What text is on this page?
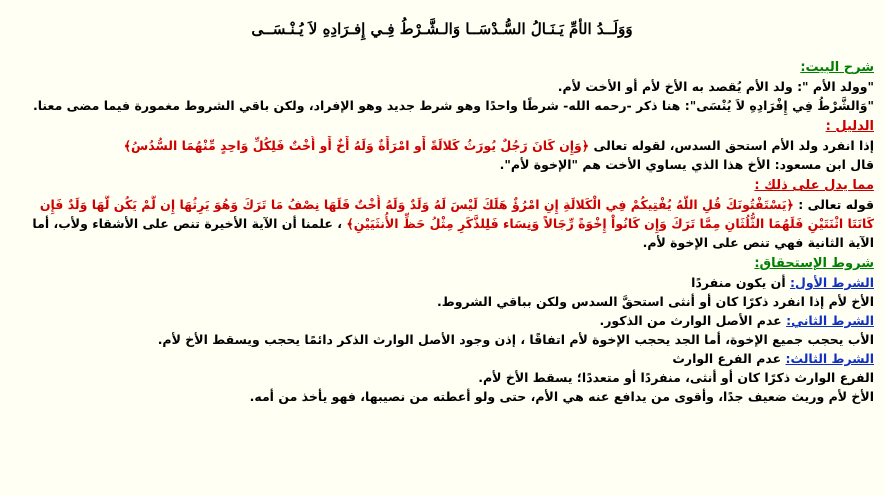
وَوَلَــدُ الأمِّ يَـنَـالُ السُّـدْسَــا وَالـشَّـرْطُ فِـي إِفـرَادِهِ لاَ يُـنْـسَــى
شرح البيت:
"وولد الأم ": ولد الأم يُقصد به الأخ لأم أو الأخت لأم.
"وَالشَّرْطُ فِي إِفْرَادِهِ لاَ يُنْسَى": هنا ذكر -رحمه الله- شرطًا واحدًا وهو شرط جديد وهو الإفراد، ولكن باقي الشروط مغمورة فيما مضى معنا.
الدليل :
إذا انفرد ولد الأم استحق السدس، لقوله تعالى ﴿وَإِن كَانَ رَجُلٌ يُورَثُ كَلالَةً أَو امْرَأَةٌ وَلَهُ أَخٌ أَو أُخْتٌ فَلِكُلِّ وَاحِدٍ مِّنْهُمَا السُّدُسُ﴾
قال ابن مسعود: الأخ هذا الذي يساوي الأخت هم "الإخوة لأم".
مما يدل على ذلك :
قوله تعالى : ﴿يَسْتَفْتُونَكَ قُلِ اللَّهُ يُفْتِيكُمْ فِي الْكَلالَةِ إِنِ امْرُؤٌ هَلَكَ لَيْسَ لَهُ وَلَدٌ وَلَهُ أُخْتٌ فَلَهَا نِصْفُ مَا تَرَكَ وَهُوَ يَرِثُهَا إِن لَّمْ يَكُن لَّهَا وَلَدٌ فَإِن كَانَتَا اثْنَتَيْنِ فَلَهُمَا الثُّلُثَانِ مِمَّا تَرَكَ وَإِن كَانُواْ إِخْوَةً رِّجَالاً وَنِسَاء فَلِلذَّكَرِ مِثْلُ حَظِّ الأُنثَيَيْنِ﴾ ، علمنا أن الآية الأخيرة تنص على الأشقاء ولأب، أما الآية الثانية فهي تنص على الإخوة لأم.
شروط الإستحقاق:
الشرط الأول: أن يكون منفردًا
الأخ لأم إذا انفرد ذكرًا كان أو أنثى استحقَّ السدس ولكن بباقي الشروط.
الشرط الثاني: عدم الأصل الوارث من الذكور.
الأب يحجب جميع الإخوة، أما الجد يحجب الإخوة لأم اتفاقًا ، إذن وجود الأصل الوارث الذكر دائمًا يحجب ويسقط الأخ لأم.
الشرط الثالث: عدم الفرع الوارث
الفرع الوارث ذكرًا كان أو أنثى، منفردًا أو متعددًا؛ يسقط الأخ لأم.
الأخ لأم وريث ضعيف جدًا، وأقوى من يدافع عنه هي الأم، حتى ولو أعطته من نصيبها، فهو يأخذ من أمه.
